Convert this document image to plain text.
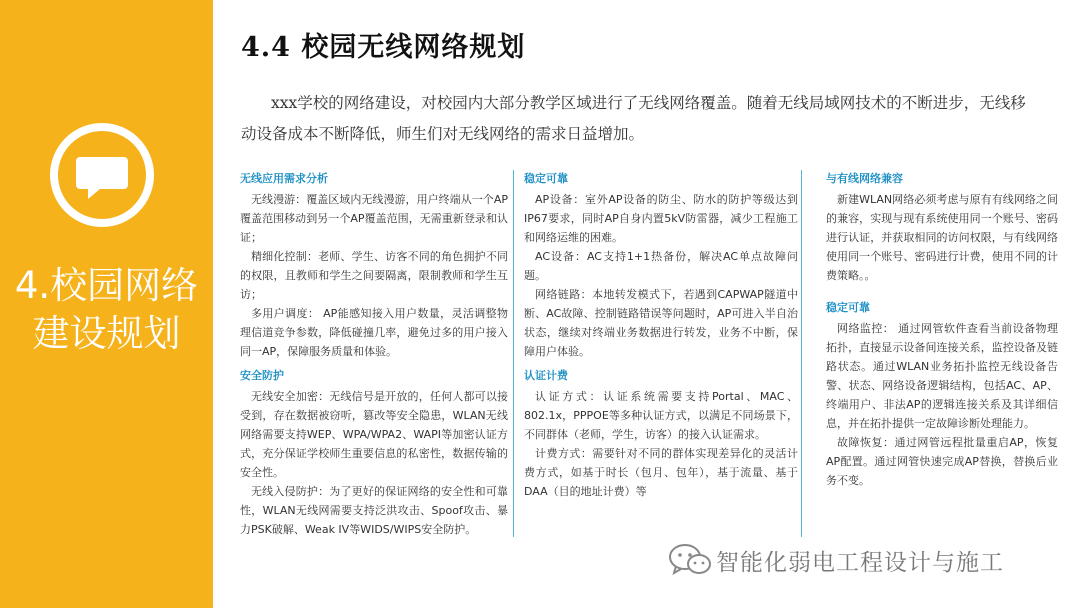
4.校园网络
建设规划
4.4 校园无线网络规划
xxx学校的网络建设，对校园内大部分教学区域进行了无线网络覆盖。随着无线局域网技术的不断进步，无线移动设备成本不断降低，师生们对无线网络的需求日益增加。
无线应用需求分析
无线漫游：覆盖区域内无线漫游，用户终端从一个AP覆盖范围移动到另一个AP覆盖范围，无需重新登录和认证；
精细化控制：老师、学生、访客不同的角色拥护不同的权限，且教师和学生之间要隔离，限制教师和学生互访；
多用户调度： AP能感知接入用户数量，灵活调整物理信道竞争参数，降低碰撞几率，避免过多的用户接入同一AP，保障服务质量和体验。
安全防护
无线安全加密：无线信号是开放的，任何人都可以接受到，存在数据被窃听，篡改等安全隐患，WLAN无线网络需要支持WEP、WPA/WPA2、WAPI等加密认证方式，充分保证学校师生重要信息的私密性，数据传输的安全性。
无线入侵防护：为了更好的保证网络的安全性和可靠性，WLAN无线网需要支持泛洪攻击、Spoof攻击、暴力PSK破解、Weak IV等WIDS/WIPS安全防护。
稳定可靠
AP设备：室外AP设备的防尘、防水的防护等级达到IP67要求，同时AP自身内置5kV防雷器，减少工程施工和网络运维的困难。
AC设备：AC支持1+1热备份，解决AC单点故障问题。
网络链路：本地转发模式下，若遇到CAPWAP隧道中断、AC故障、控制链路错误等问题时，AP可进入半自治状态，继续对终端业务数据进行转发，业务不中断，保障用户体验。
认证计费
认证方式：认证系统需要支持Portal、MAC、802.1x，PPPOE等多种认证方式，以满足不同场景下，不同群体（老师，学生，访客）的接入认证需求。
计费方式：需要针对不同的群体实现差异化的灵活计费方式，如基于时长（包月、包年），基于流量、基于DAA（目的地址计费）等
与有线网络兼容
新建WLAN网络必须考虑与原有有线网络之间的兼容，实现与现有系统使用同一个账号、密码进行认证，并获取相同的访问权限，与有线网络使用同一个账号、密码进行计费，使用不同的计费策略。。
稳定可靠
网络监控： 通过网管软件查看当前设备物理拓扑，直接显示设备间连接关系，监控设备及链路状态。通过WLAN业务拓扑监控无线设备告警、状态、网络设备逻辑结构，包括AC、AP、终端用户、非法AP的逻辑连接关系及其详细信息，并在拓扑提供一定故障诊断处理能力。
故障恢复：通过网管远程批量重启AP，恢复AP配置。通过网管快速完成AP替换，替换后业务不变。
智能化弱电工程设计与施工
